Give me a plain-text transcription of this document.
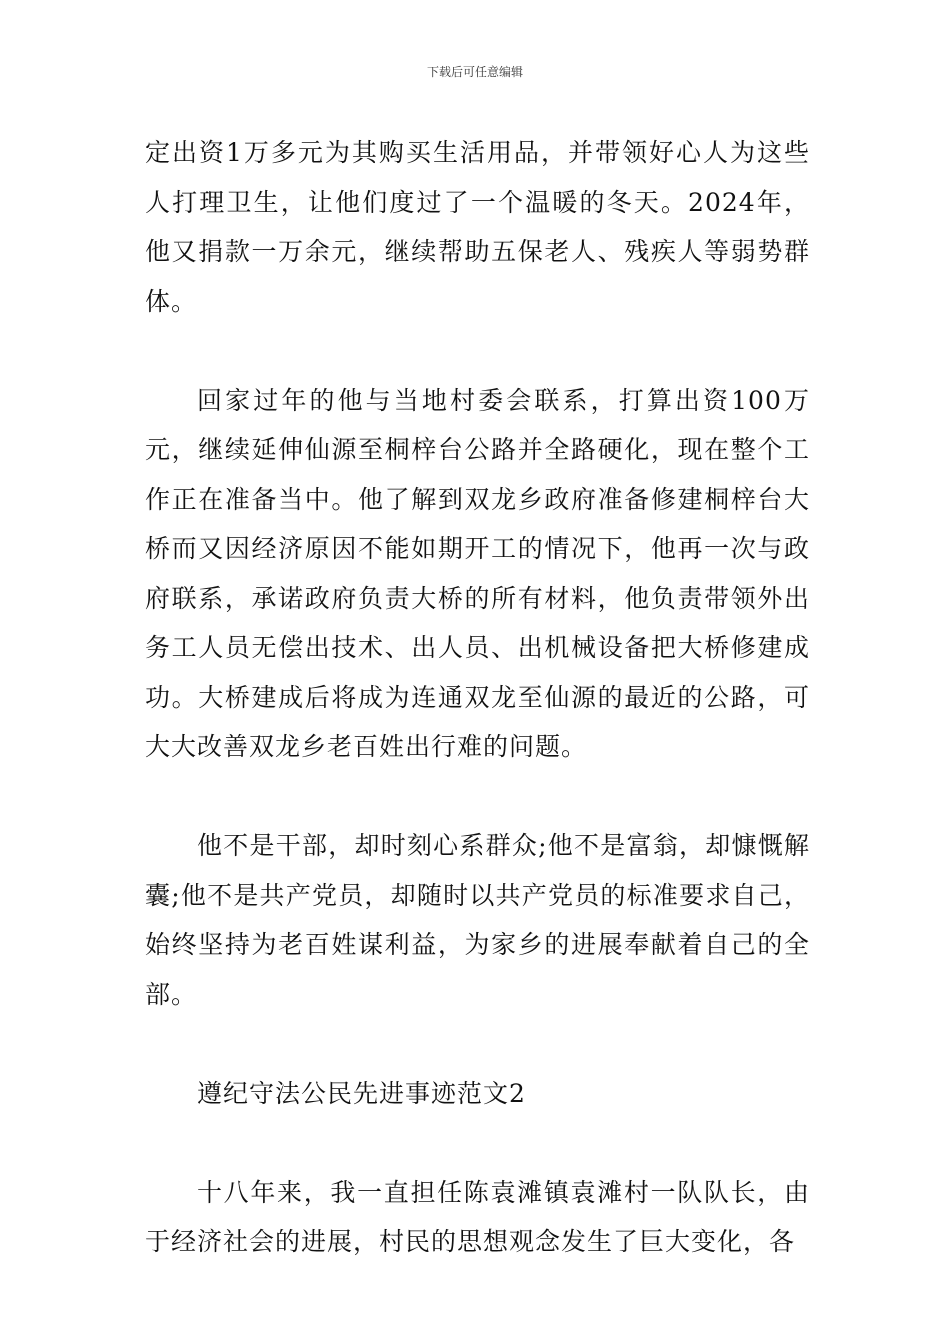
下载后可任意编辑

定出资1万多元为其购买生活用品，并带领好心人为这些人打理卫生，让他们度过了一个温暖的冬天。2024年，他又捐款一万余元，继续帮助五保老人、残疾人等弱势群体。

回家过年的他与当地村委会联系，打算出资100万元，继续延伸仙源至桐梓台公路并全路硬化，现在整个工作正在准备当中。他了解到双龙乡政府准备修建桐梓台大桥而又因经济原因不能如期开工的情况下，他再一次与政府联系，承诺政府负责大桥的所有材料，他负责带领外出务工人员无偿出技术、出人员、出机械设备把大桥修建成功。大桥建成后将成为连通双龙至仙源的最近的公路，可大大改善双龙乡老百姓出行难的问题。

他不是干部，却时刻心系群众;他不是富翁，却慷慨解囊;他不是共产党员，却随时以共产党员的标准要求自己，始终坚持为老百姓谋利益，为家乡的进展奉献着自己的全部。

遵纪守法公民先进事迹范文2

十八年来，我一直担任陈袁滩镇袁滩村一队队长，由于经济社会的进展，村民的思想观念发生了巨大变化，各
